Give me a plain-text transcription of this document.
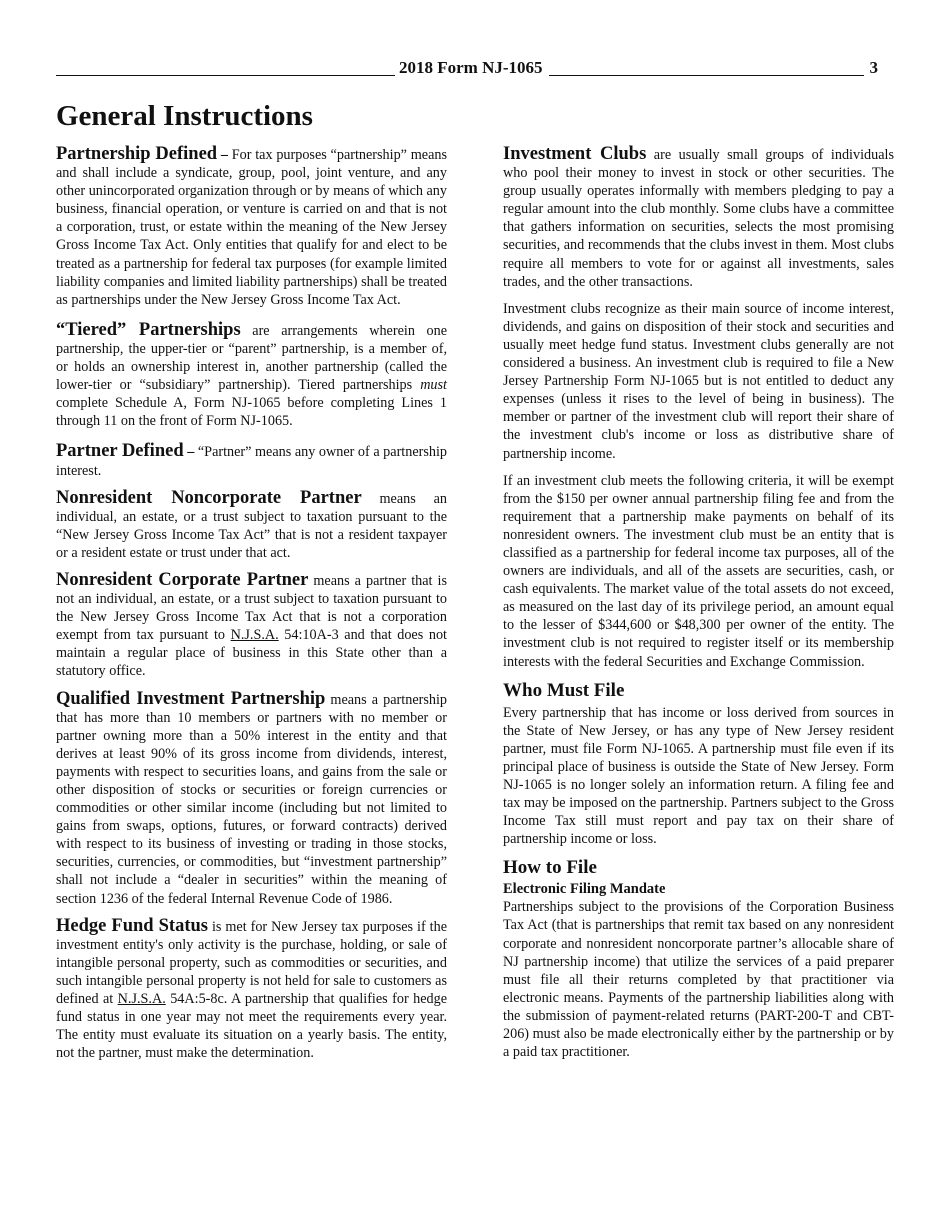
2018 Form NJ-1065	3
General Instructions

Partnership Defined – For tax purposes “partnership” means and shall include a syndicate, group, pool, joint venture, and any other unincorporated organization through or by means of which any business, financial operation, or venture is carried on and that is not a corporation, trust, or estate within the meaning of the New Jersey Gross Income Tax Act. Only entities that qualify for and elect to be treated as a partnership for federal tax purposes (for example limited liability companies and limited liability partnerships) shall be treated as partnerships under the New Jersey Gross Income Tax Act.

“Tiered” Partnerships are arrangements wherein one partnership, the upper-tier or “parent” partnership, is a member of, or holds an ownership interest in, another partnership (called the lower-tier or “subsidiary” partnership). Tiered partnerships must complete Schedule A, Form NJ-1065 before completing Lines 1 through 11 on the front of Form NJ-1065.

Partner Defined – “Partner” means any owner of a partnership interest.

Nonresident Noncorporate Partner means an individual, an estate, or a trust subject to taxation pursuant to the “New Jersey Gross Income Tax Act” that is not a resident taxpayer or a resident estate or trust under that act.

Nonresident Corporate Partner means a partner that is not an individual, an estate, or a trust subject to taxation pursuant to the New Jersey Gross Income Tax Act that is not a corporation exempt from tax pursuant to N.J.S.A. 54:10A-3 and that does not maintain a regular place of business in this State other than a statutory office.

Qualified Investment Partnership means a partnership that has more than 10 members or partners with no member or partner owning more than a 50% interest in the entity and that derives at least 90% of its gross income from dividends, interest, payments with respect to securities loans, and gains from the sale or other disposition of stocks or securities or foreign currencies or commodities or other similar income (including but not limited to gains from swaps, options, futures, or forward contracts) derived with respect to its business of investing or trading in those stocks, securities, currencies, or commodities, but “investment partnership” shall not include a “dealer in securities” within the meaning of section 1236 of the federal Internal Revenue Code of 1986.

Hedge Fund Status is met for New Jersey tax purposes if the investment entity's only activity is the purchase, holding, or sale of intangible personal property, such as commodities or securities, and such intangible personal property is not held for sale to customers as defined at N.J.S.A. 54A:5-8c. A partnership that qualifies for hedge fund status in one year may not meet the requirements every year. The entity must evaluate its situation on a yearly basis. The entity, not the partner, must make the determination.

Investment Clubs are usually small groups of individuals who pool their money to invest in stock or other securities. The group usually operates informally with members pledging to pay a regular amount into the club monthly. Some clubs have a committee that gathers information on securities, selects the most promising securities, and recommends that the clubs invest in them. Most clubs require all members to vote for or against all investments, sales trades, and the other transactions.

Investment clubs recognize as their main source of income interest, dividends, and gains on disposition of their stock and securities and usually meet hedge fund status. Investment clubs generally are not considered a business. An investment club is required to file a New Jersey Partnership Form NJ-1065 but is not entitled to deduct any expenses (unless it rises to the level of being in business). The member or partner of the investment club will report their share of the investment club's income or loss as distributive share of partnership income.

If an investment club meets the following criteria, it will be exempt from the $150 per owner annual partnership filing fee and from the requirement that a partnership make payments on behalf of its nonresident owners. The investment club must be an entity that is classified as a partnership for federal income tax purposes, all of the owners are individuals, and all of the assets are securities, cash, or cash equivalents. The market value of the total assets do not exceed, as measured on the last day of its privilege period, an amount equal to the lesser of $344,600 or $48,300 per owner of the entity. The investment club is not required to register itself or its membership interests with the federal Securities and Exchange Commission.

Who Must File

Every partnership that has income or loss derived from sources in the State of New Jersey, or has any type of New Jersey resident partner, must file Form NJ-1065. A partnership must file even if its principal place of business is outside the State of New Jersey. Form NJ-1065 is no longer solely an information return. A filing fee and tax may be imposed on the partnership. Partners subject to the Gross Income Tax still must report and pay tax on their share of partnership income or loss.

How to File
Electronic Filing Mandate

Partnerships subject to the provisions of the Corporation Business Tax Act (that is partnerships that remit tax based on any nonresident corporate and nonresident noncorporate partner’s allocable share of NJ partnership income) that utilize the services of a paid preparer must file all their returns completed by that practitioner via electronic means. Payments of the partnership liabilities along with the submission of payment-related returns (PART-200-T and CBT-206) must also be made electronically either by the partnership or by a paid tax practitioner.
